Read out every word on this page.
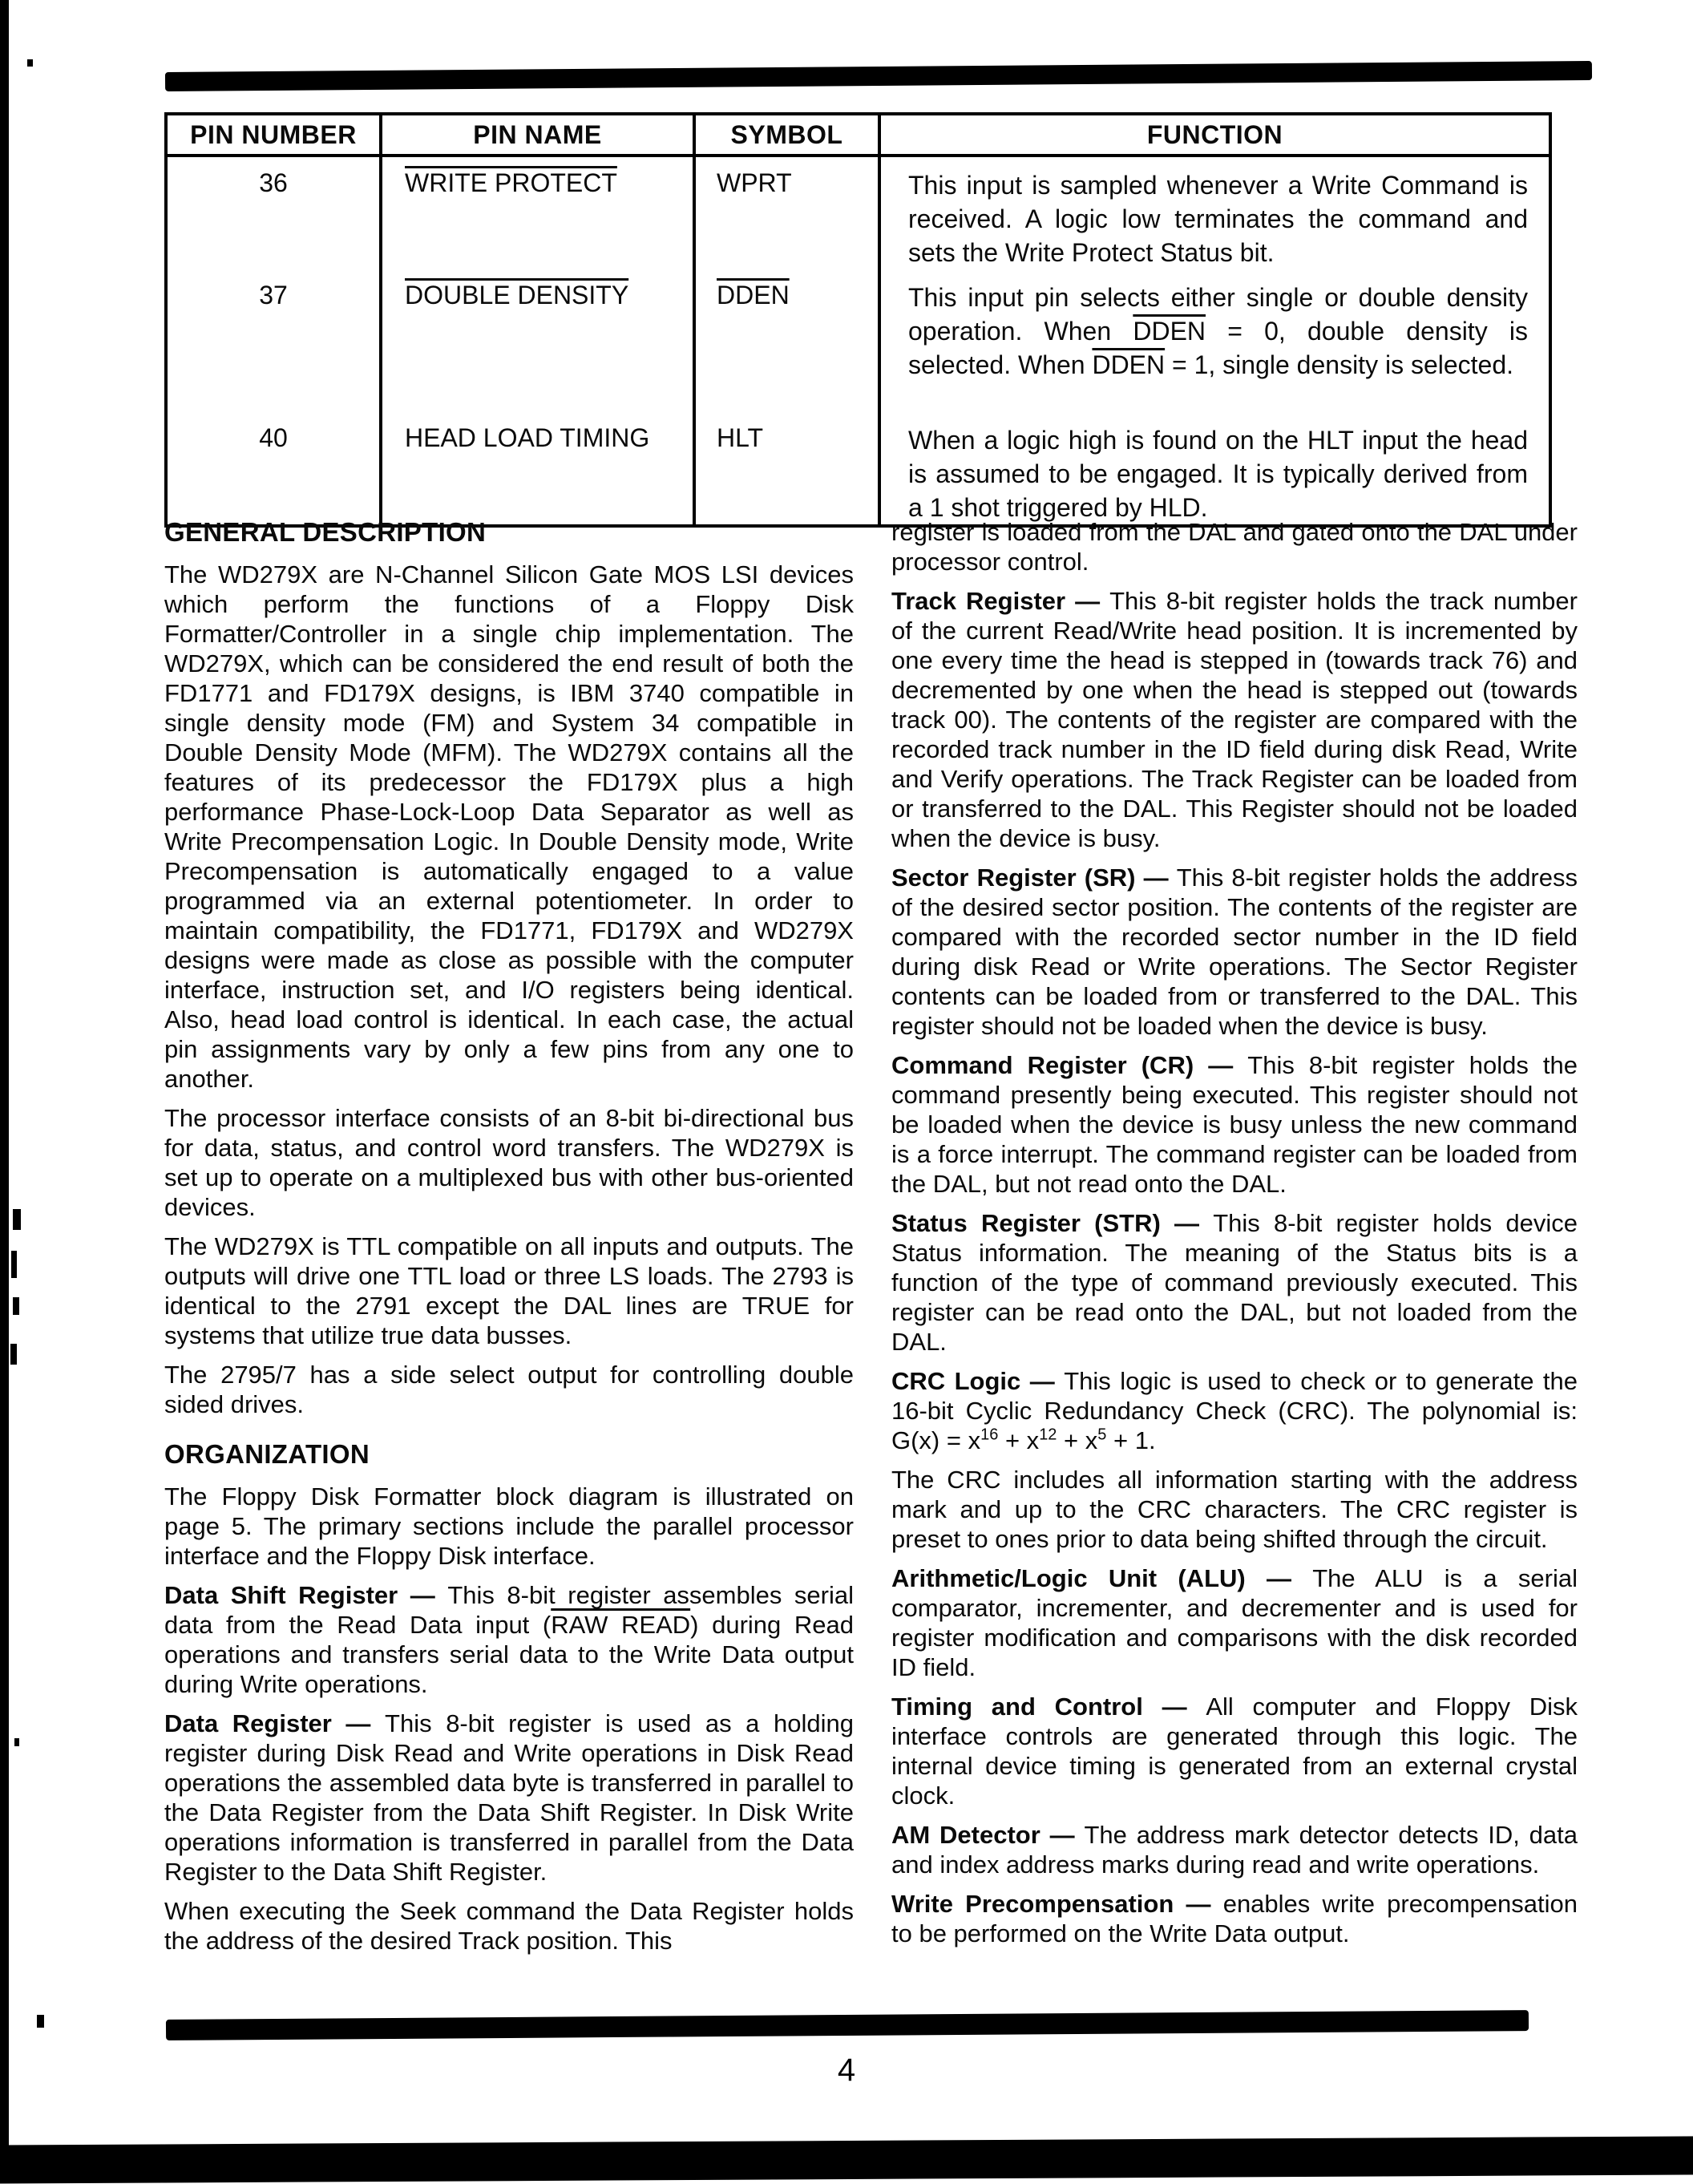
PIN NUMBER	PIN NAME	SYMBOL	FUNCTION
36	WRITE PROTECT	WPRT	This input is sampled whenever a Write Command is received. A logic low terminates the command and sets the Write Protect Status bit.
37	DOUBLE DENSITY	DDEN	This input pin selects either single or double density operation. When DDEN = 0, double density is selected. When DDEN = 1, single density is selected.
40	HEAD LOAD TIMING	HLT	When a logic high is found on the HLT input the head is assumed to be engaged. It is typically derived from a 1 shot triggered by HLD.
GENERAL DESCRIPTION

The WD279X are N-Channel Silicon Gate MOS LSI devices which perform the functions of a Floppy Disk Formatter/Controller in a single chip implementation. The WD279X, which can be considered the end result of both the FD1771 and FD179X designs, is IBM 3740 compatible in single density mode (FM) and System 34 compatible in Double Density Mode (MFM). The WD279X contains all the features of its predecessor the FD179X plus a high performance Phase-Lock-Loop Data Separator as well as Write Precompensation Logic. In Double Density mode, Write Precompensation is automatically engaged to a value programmed via an external potentiometer. In order to maintain compatibility, the FD1771, FD179X and WD279X designs were made as close as possible with the computer interface, instruction set, and I/O registers being identical. Also, head load control is identical. In each case, the actual pin assignments vary by only a few pins from any one to another.

The processor interface consists of an 8-bit bi-directional bus for data, status, and control word transfers. The WD279X is set up to operate on a multiplexed bus with other bus-oriented devices.

The WD279X is TTL compatible on all inputs and outputs. The outputs will drive one TTL load or three LS loads. The 2793 is identical to the 2791 except the DAL lines are TRUE for systems that utilize true data busses.

The 2795/7 has a side select output for controlling double sided drives.

ORGANIZATION

The Floppy Disk Formatter block diagram is illustrated on page 5. The primary sections include the parallel processor interface and the Floppy Disk interface.

Data Shift Register — This 8-bit register assembles serial data from the Read Data input (RAW READ) during Read operations and transfers serial data to the Write Data output during Write operations.

Data Register — This 8-bit register is used as a holding register during Disk Read and Write operations in Disk Read operations the assembled data byte is transferred in parallel to the Data Register from the Data Shift Register. In Disk Write operations information is transferred in parallel from the Data Register to the Data Shift Register.

When executing the Seek command the Data Register holds the address of the desired Track position. This

register is loaded from the DAL and gated onto the DAL under processor control.

Track Register — This 8-bit register holds the track number of the current Read/Write head position. It is incremented by one every time the head is stepped in (towards track 76) and decremented by one when the head is stepped out (towards track 00). The contents of the register are compared with the recorded track number in the ID field during disk Read, Write and Verify operations. The Track Register can be loaded from or transferred to the DAL. This Register should not be loaded when the device is busy.

Sector Register (SR) — This 8-bit register holds the address of the desired sector position. The contents of the register are compared with the recorded sector number in the ID field during disk Read or Write operations. The Sector Register contents can be loaded from or transferred to the DAL. This register should not be loaded when the device is busy.

Command Register (CR) — This 8-bit register holds the command presently being executed. This register should not be loaded when the device is busy unless the new command is a force interrupt. The command register can be loaded from the DAL, but not read onto the DAL.

Status Register (STR) — This 8-bit register holds device Status information. The meaning of the Status bits is a function of the type of command previously executed. This register can be read onto the DAL, but not loaded from the DAL.

CRC Logic — This logic is used to check or to generate the 16-bit Cyclic Redundancy Check (CRC). The polynomial is: $G(x) = x^{16} + x^{12} + x^5 + 1$.

The CRC includes all information starting with the address mark and up to the CRC characters. The CRC register is preset to ones prior to data being shifted through the circuit.

Arithmetic/Logic Unit (ALU) — The ALU is a serial comparator, incrementer, and decrementer and is used for register modification and comparisons with the disk recorded ID field.

Timing and Control — All computer and Floppy Disk interface controls are generated through this logic. The internal device timing is generated from an external crystal clock.

AM Detector — The address mark detector detects ID, data and index address marks during read and write operations.

Write Precompensation — enables write precompensation to be performed on the Write Data output.

4
